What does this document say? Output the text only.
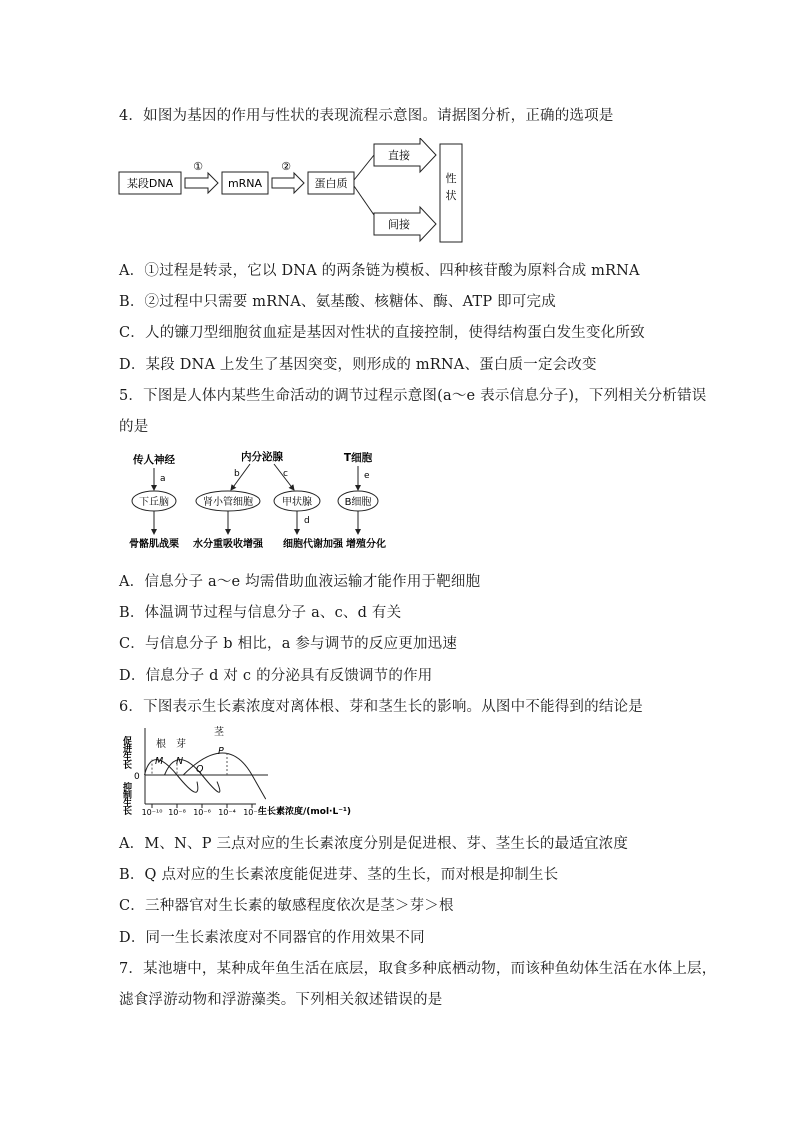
4．如图为基因的作用与性状的表现流程示意图。请据图分析，正确的选项是
某段DNA
①
mRNA
②
蛋白质
直接
间接
性
状
A．①过程是转录，它以 DNA 的两条链为模板、四种核苷酸为原料合成 mRNA
B．②过程中只需要 mRNA、氨基酸、核糖体、酶、ATP 即可完成
C．人的镰刀型细胞贫血症是基因对性状的直接控制，使得结构蛋白发生变化所致
D．某段 DNA 上发生了基因突变，则形成的 mRNA、蛋白质一定会改变
5．下图是人体内某些生命活动的调节过程示意图(a～e 表示信息分子)，下列相关分析错误
的是
传人神经
a
下丘脑
骨骼肌战栗
内分泌腺
b	c
肾小管细胞
水分重吸收增强
甲状腺
d
细胞代谢加强
T细胞
e
B细胞
增殖分化
A．信息分子 a～e 均需借助血液运输才能作用于靶细胞
B．体温调节过程与信息分子 a、c、d 有关
C．与信息分子 b 相比，a 参与调节的反应更加迅速
D．信息分子 d 对 c 的分泌具有反馈调节的作用
6．下图表示生长素浓度对离体根、芽和茎生长的影响。从图中不能得到的结论是
0
促进生长
抑制生长 10⁻¹⁰ 10⁻⁸ 10⁻⁶ 10⁻⁴ 10⁻²
根 芽
茎
M N
P
Q
生长素浓度/(mol·L⁻¹)
A．M、N、P 三点对应的生长素浓度分别是促进根、芽、茎生长的最适宜浓度
B．Q 点对应的生长素浓度能促进芽、茎的生长，而对根是抑制生长
C．三种器官对生长素的敏感程度依次是茎＞芽＞根
D．同一生长素浓度对不同器官的作用效果不同
7．某池塘中，某种成年鱼生活在底层，取食多种底栖动物，而该种鱼幼体生活在水体上层，
滤食浮游动物和浮游藻类。下列相关叙述错误的是
